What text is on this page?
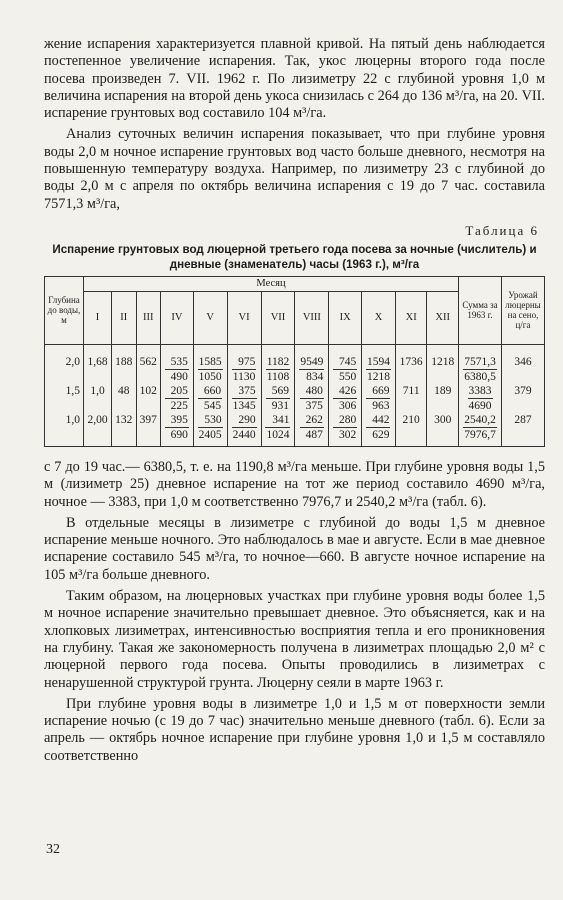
жение испарения характеризуется плавной кривой. На пятый день наблюдается постепенное увеличение испарения. Так, укос люцерны второго года после посева произведен 7. VII. 1962 г. По лизиметру 22 с глубиной уровня 1,0 м величина испарения на второй день укоса снизилась с 264 до 136 м³/га, на 20. VII. испарение грунтовых вод составило 104 м³/га.

Анализ суточных величин испарения показывает, что при глубине уровня воды 2,0 м ночное испарение грунтовых вод часто больше дневного, несмотря на повышенную температуру воздуха. Например, по лизиметру 23 с глубиной до воды 2,0 м с апреля по октябрь величина испарения с 19 до 7 час. составила 7571,3 м³/га,

Таблица 6
Испарение грунтовых вод люцерной третьего года посева за ночные (числитель) и дневные (знаменатель) часы (1963 г.), м³/га
Глубина до воды, м	Месяц												Сумма за 1963 г.	Урожай люцерны на сено, ц/га
	I	II	III	IV	V	VI	VII	VIII	IX	X	XI	XII		
2,0	1,68	188	562	$\frac{535}{490}$	$\frac{1585}{1050}$	$\frac{975}{1130}$	$\frac{1182}{1108}$	$\frac{9549}{834}$	$\frac{745}{550}$	$\frac{1594}{1218}$	1736	1218	$\frac{7571,3}{6380,5}$	346
1,5	1,0	48	102	$\frac{205}{225}$	$\frac{660}{545}$	$\frac{375}{1345}$	$\frac{569}{931}$	$\frac{480}{375}$	$\frac{426}{306}$	$\frac{669}{963}$	711	189	$\frac{3383}{4690}$	379
1,0	2,00	132	397	$\frac{395}{690}$	$\frac{530}{2405}$	$\frac{290}{2440}$	$\frac{341}{1024}$	$\frac{262}{487}$	$\frac{280}{302}$	$\frac{442}{629}$	210	300	$\frac{2540,2}{7976,7}$	287

с 7 до 19 час.— 6380,5, т. е. на 1190,8 м³/га меньше. При глубине уровня воды 1,5 м (лизиметр 25) дневное испарение на тот же период составило 4690 м³/га, ночное — 3383, при 1,0 м соответственно 7976,7 и 2540,2 м³/га (табл. 6).

В отдельные месяцы в лизиметре с глубиной до воды 1,5 м дневное испарение меньше ночного. Это наблюдалось в мае и августе. Если в мае дневное испарение составило 545 м³/га, то ночное—660. В августе ночное испарение на 105 м³/га больше дневного.

Таким образом, на люцерновых участках при глубине уровня воды более 1,5 м ночное испарение значительно превышает дневное. Это объясняется, как и на хлопковых лизиметрах, интенсивностью восприятия тепла и его проникновения на глубину. Такая же закономерность получена в лизиметрах площадью 2,0 м² с люцерной первого года посева. Опыты проводились в лизиметрах с ненарушенной структурой грунта. Люцерну сеяли в марте 1963 г.

При глубине уровня воды в лизиметре 1,0 и 1,5 м от поверхности земли испарение ночью (с 19 до 7 час) значительно меньше дневного (табл. 6). Если за апрель — октябрь ночное испарение при глубине уровня 1,0 и 1,5 м составляло соответственно

32
